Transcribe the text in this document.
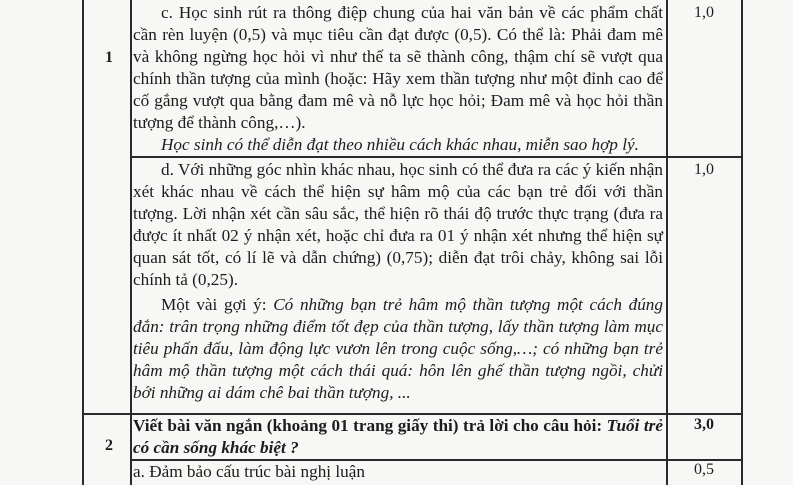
1

c. Học sinh rút ra thông điệp chung của hai văn bản về các phẩm chất cần rèn luyện (0,5) và mục tiêu cần đạt được (0,5). Có thể là: Phải đam mê và không ngừng học hỏi vì như thế ta sẽ thành công, thậm chí sẽ vượt qua chính thần tượng của mình (hoặc: Hãy xem thần tượng như một đỉnh cao để cố gắng vượt qua bằng đam mê và nỗ lực học hỏi; Đam mê và học hỏi thần tượng để thành công,…).

Học sinh có thể diễn đạt theo nhiều cách khác nhau, miễn sao hợp lý.

1,0

d. Với những góc nhìn khác nhau, học sinh có thể đưa ra các ý kiến nhận xét khác nhau về cách thể hiện sự hâm mộ của các bạn trẻ đối với thần tượng. Lời nhận xét cần sâu sắc, thể hiện rõ thái độ trước thực trạng (đưa ra được ít nhất 02 ý nhận xét, hoặc chỉ đưa ra 01 ý nhận xét nhưng thể hiện sự quan sát tốt, có lí lẽ và dẫn chứng) (0,75); diễn đạt trôi chảy, không sai lỗi chính tả (0,25).

Một vài gợi ý: Có những bạn trẻ hâm mộ thần tượng một cách đúng đắn: trân trọng những điểm tốt đẹp của thần tượng, lấy thần tượng làm mục tiêu phấn đấu, làm động lực vươn lên trong cuộc sống,…; có những bạn trẻ hâm mộ thần tượng một cách thái quá: hôn lên ghế thần tượng ngồi, chửi bới những ai dám chê bai thần tượng, ...

1,0
2

Viết bài văn ngắn (khoảng 01 trang giấy thi) trả lời cho câu hỏi: Tuổi trẻ có cần sống khác biệt ?

3,0
a. Đảm bảo cấu trúc bài nghị luận	0,5
